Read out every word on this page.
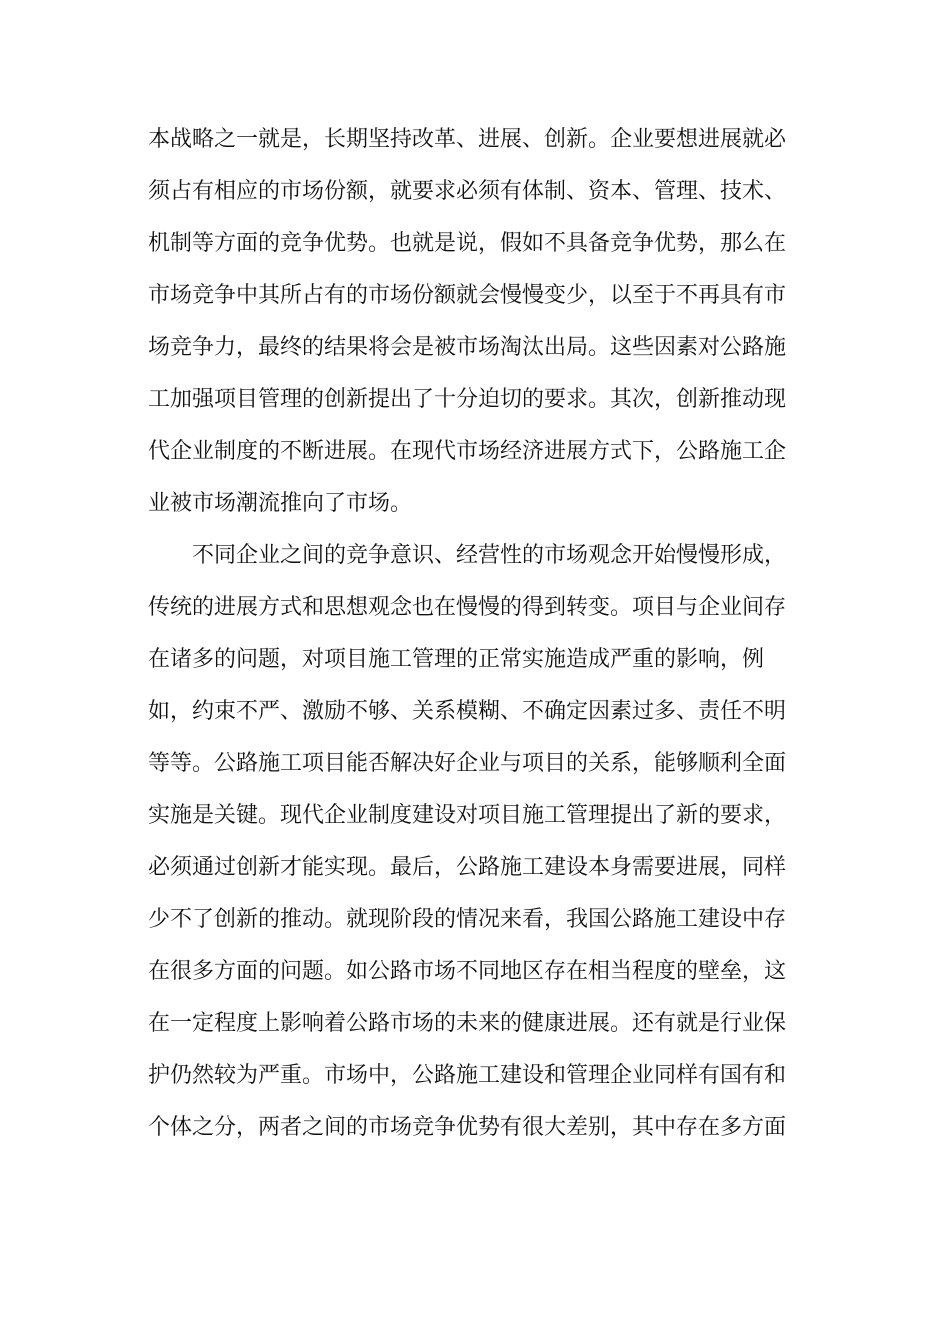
本战略之一就是，长期坚持改革、进展、创新。企业要想进展就必
须占有相应的市场份额，就要求必须有体制、资本、管理、技术、
机制等方面的竞争优势。也就是说，假如不具备竞争优势，那么在
市场竞争中其所占有的市场份额就会慢慢变少，以至于不再具有市
场竞争力，最终的结果将会是被市场淘汰出局。这些因素对公路施
工加强项目管理的创新提出了十分迫切的要求。其次，创新推动现
代企业制度的不断进展。在现代市场经济进展方式下，公路施工企
业被市场潮流推向了市场。
不同企业之间的竞争意识、经营性的市场观念开始慢慢形成，
传统的进展方式和思想观念也在慢慢的得到转变。项目与企业间存
在诸多的问题，对项目施工管理的正常实施造成严重的影响，例
如，约束不严、激励不够、关系模糊、不确定因素过多、责任不明
等等。公路施工项目能否解决好企业与项目的关系，能够顺利全面
实施是关键。现代企业制度建设对项目施工管理提出了新的要求，
必须通过创新才能实现。最后，公路施工建设本身需要进展，同样
少不了创新的推动。就现阶段的情况来看，我国公路施工建设中存
在很多方面的问题。如公路市场不同地区存在相当程度的壁垒，这
在一定程度上影响着公路市场的未来的健康进展。还有就是行业保
护仍然较为严重。市场中，公路施工建设和管理企业同样有国有和
个体之分，两者之间的市场竞争优势有很大差别，其中存在多方面
